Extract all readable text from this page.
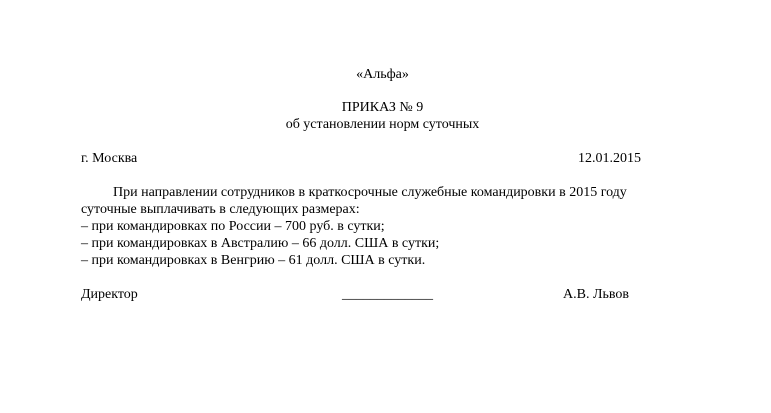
«Альфа»
ПРИКАЗ № 9
об установлении норм суточных
г. Москва	12.01.2015
При направлении сотрудников в краткосрочные служебные командировки в 2015 году
суточные выплачивать в следующих размерах:
– при командировках по России – 700 руб. в сутки;
– при командировках в Австралию – 66 долл. США в сутки;
– при командировках в Венгрию – 61 долл. США в сутки.
Директор	_____________	А.В. Львов
